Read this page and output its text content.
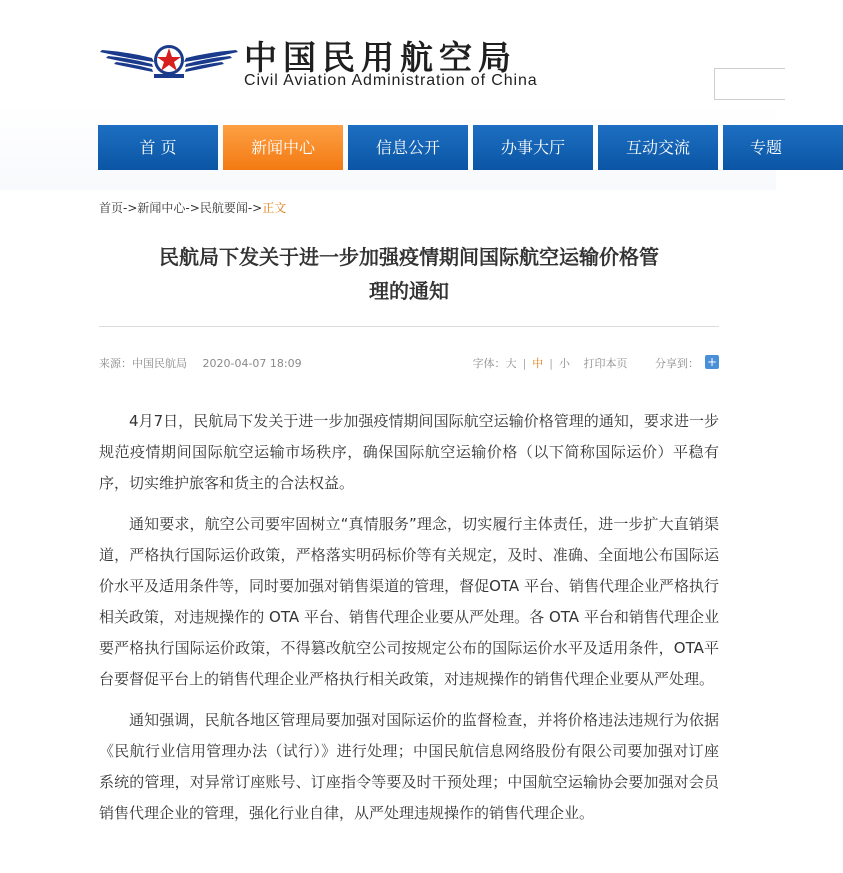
中国民用航空局
Civil Aviation Administration of China
首 页	新闻中心	信息公开	办事大厅	互动交流	专题
首页->新闻中心->民航要闻->正文
民航局下发关于进一步加强疫情期间国际航空运输价格管
理的通知
来源：中国民航局 2020-04-07 18:09	字体：大 | 中 | 小 打印本页	分享到： +

4月7日，民航局下发关于进一步加强疫情期间国际航空运输价格管理的通知，要求进一步规范疫情期间国际航空运输市场秩序，确保国际航空运输价格（以下简称国际运价）平稳有序，切实维护旅客和货主的合法权益。

通知要求，航空公司要牢固树立“真情服务”理念，切实履行主体责任，进一步扩大直销渠道，严格执行国际运价政策，严格落实明码标价等有关规定，及时、准确、全面地公布国际运价水平及适用条件等，同时要加强对销售渠道的管理，督促OTA 平台、销售代理企业严格执行相关政策，对违规操作的 OTA 平台、销售代理企业要从严处理。各 OTA 平台和销售代理企业要严格执行国际运价政策，不得篡改航空公司按规定公布的国际运价水平及适用条件，OTA平台要督促平台上的销售代理企业严格执行相关政策，对违规操作的销售代理企业要从严处理。

通知强调，民航各地区管理局要加强对国际运价的监督检查，并将价格违法违规行为依据《民航行业信用管理办法（试行）》进行处理；中国民航信息网络股份有限公司要加强对订座系统的管理，对异常订座账号、订座指令等要及时干预处理；中国航空运输协会要加强对会员销售代理企业的管理，强化行业自律，从严处理违规操作的销售代理企业。
